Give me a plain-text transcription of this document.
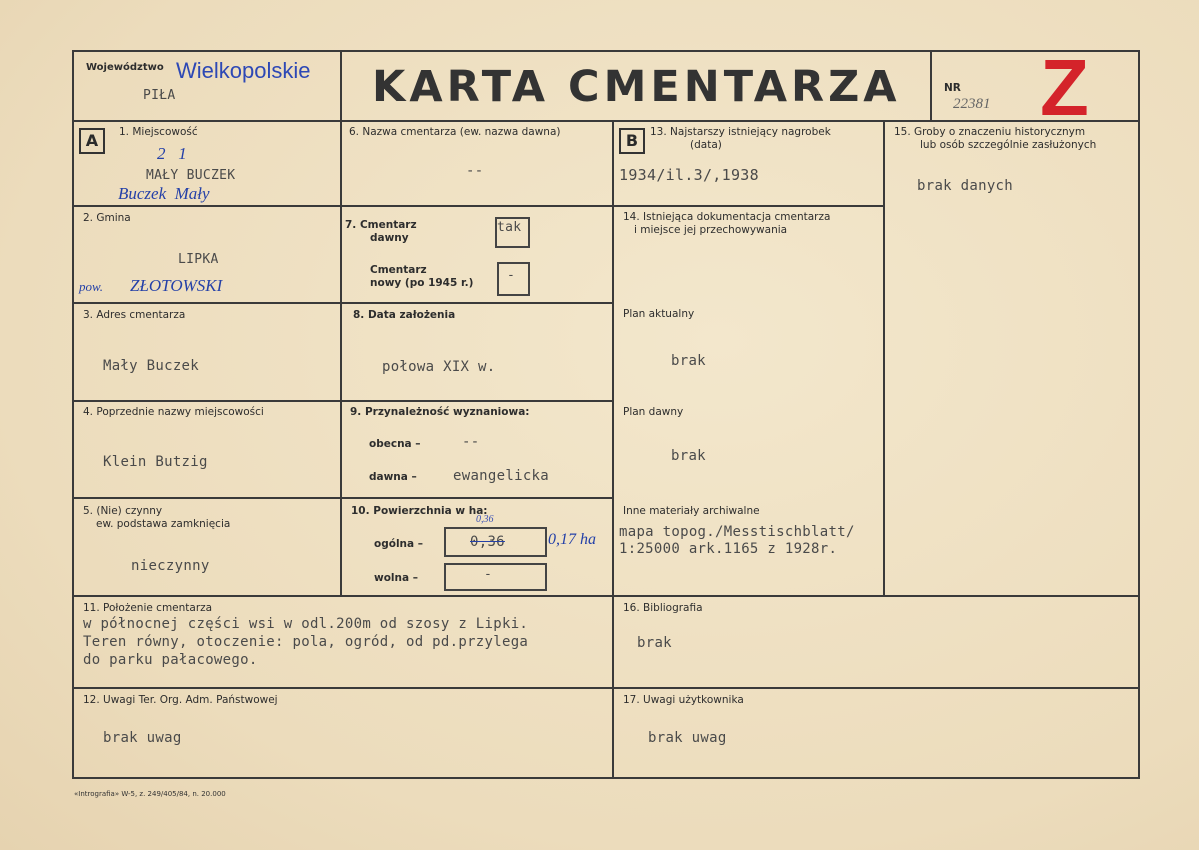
Województwo Wielkopolskie
PIŁA	KARTA CMENTARZA	NR
22381 Z
A	1. Miejscowość
2   1
MAŁY BUCZEK
Buczek  Mały
2. Gmina
LIPKA
pow. ZŁOTOWSKI
3. Adres cmentarza
Mały Buczek
4. Poprzednie nazwy miejscowości
Klein Butzig
5. (Nie) czynny
ew. podstawa zamknięcia
nieczynny
6. Nazwa cmentarza (ew. nazwa dawna)
--
7. Cmentarz
dawny
tak
Cmentarz
nowy (po 1945 r.)	-
8. Data założenia
połowa XIX w.
9. Przynależność wyznaniowa:
obecna –	--
dawna –	ewangelicka
10. Powierzchnia w ha:
0,36
ogólna –	0,36	0,17 ha
wolna –	-
B	13. Najstarszy istniejący nagrobek
(data)
1934/il.3/,1938
14. Istniejąca dokumentacja cmentarza
i miejsce jej przechowywania
Plan aktualny
brak
Plan dawny
brak
Inne materiały archiwalne
mapa topog./Messtischblatt/
1:25000 ark.1165 z 1928r.
15. Groby o znaczeniu historycznym
lub osób szczególnie zasłużonych
brak danych
11. Położenie cmentarza
w północnej części wsi w odl.200m od szosy z Lipki.
Teren równy, otoczenie: pola, ogród, od pd.przylega
do parku pałacowego.
16. Bibliografia
brak
12. Uwagi Ter. Org. Adm. Państwowej
brak uwag
17. Uwagi użytkownika
brak uwag
«Intrografia» W-5, z. 249/405/84, n. 20.000
